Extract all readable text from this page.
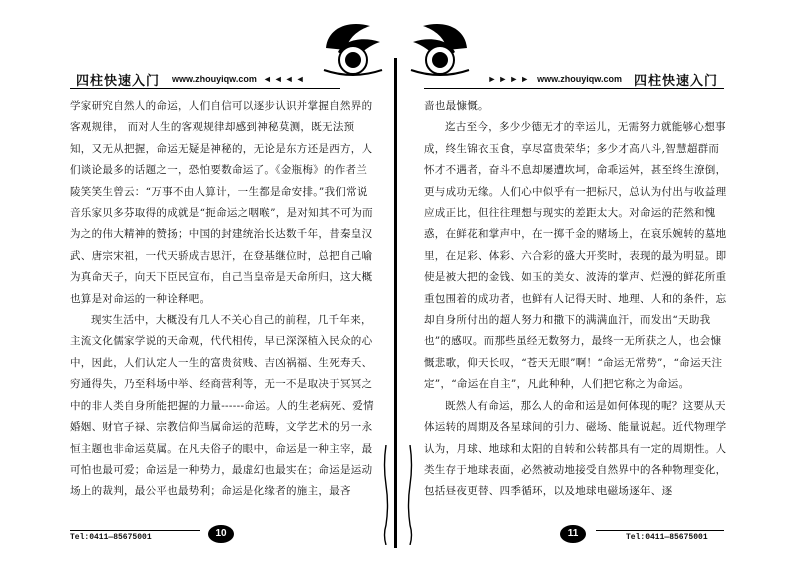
四柱快速入门 www.zhouyiqw.com ◄◄◄◄

学家研究自然人的命运，人们自信可以逐步认识并掌握自然界的客观规律， 而对人生的客观规律却感到神秘莫测，既无法预知，又无从把握，命运无疑是神秘的，无论是东方还是西方，人们谈论最多的话题之一，恐怕要数命运了。《金瓶梅》的作者兰陵笑笑生曾云：“万事不由人算计，一生都是命安排。”我们常说音乐家贝多芬取得的成就是“扼命运之咽喉”，是对知其不可为而为之的伟大精神的赞扬；中国的封建统治长达数千年，昔秦皇汉武、唐宗宋祖，一代天骄成吉思汗，在登基继位时，总把自己喻为真命天子，向天下臣民宣布，自己当皇帝是天命所归，这大概也算是对命运的一种诠释吧。

现实生活中，大概没有几人不关心自己的前程，几千年来，主流文化儒家学说的天命观，代代相传，早已深深植入民众的心中，因此，人们认定人一生的富贵贫贱、吉凶祸福、生死寿夭、穷通得失，乃至科场中举、经商营利等，无一不是取决于冥冥之中的非人类自身所能把握的力量------命运。人的生老病死、爱情婚姻、财官子禄、宗教信仰当属命运的范畴，文学艺术的另一永恒主题也非命运莫属。在凡夫俗子的眼中，命运是一种主宰，最可怕也最可爱；命运是一种势力，最虚幻也最实在；命运是运动场上的裁判，最公平也最势利；命运是化缘者的施主，最吝

Tel:0411—85675001	10
►►►► www.zhouyiqw.com 四柱快速入门

啬也最慷慨。

迄古至今，多少少德无才的幸运儿，无需努力就能够心想事成，终生锦衣玉食，享尽富贵荣华；多少才高八斗,智慧超群而怀才不遇者，奋斗不息却屡遭坎坷，命乖运舛，甚至终生潦倒，更与成功无缘。人们心中似乎有一把标尺，总认为付出与收益理应成正比，但往往理想与现实的差距太大。对命运的茫然和愧惑，在鲜花和掌声中，在一掷千金的赌场上，在哀乐婉转的墓地里，在足彩、体彩、六合彩的盛大开奖时，表现的最为明显。即使是被大把的金钱、如玉的美女、波涛的掌声、烂漫的鲜花所重重包围着的成功者，也鲜有人记得天时、地理、人和的条件，忘却自身所付出的超人努力和撒下的满满血汗，而发出“天助我也”的感叹。而那些虽经无数努力，最终一无所获之人，也会慷慨悲歌，仰天长叹，“苍天无眼”啊！“命运无常势”，“命运天注定”，“命运在自主”，凡此种种，人们把它称之为命运。

既然人有命运，那么人的命和运是如何体现的呢？这要从天体运转的周期及各星球间的引力、磁场、能量说起。近代物理学认为，月球、地球和太阳的自转和公转都具有一定的周期性。人类生存于地球表面，必然被动地接受自然界中的各种物理变化，包括昼夜更替、四季循环，以及地球电磁场逐年、逐

11	Tel:0411—85675001
